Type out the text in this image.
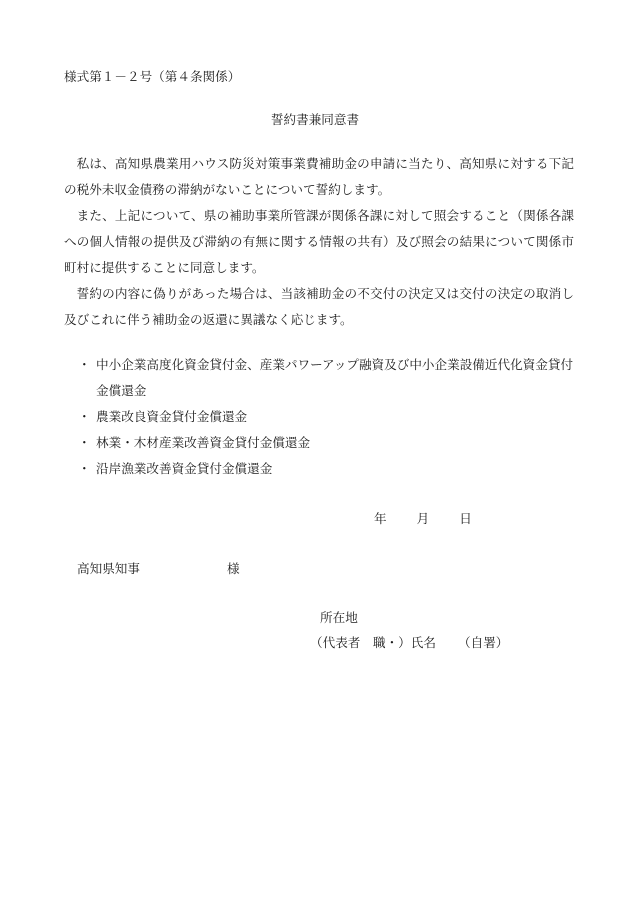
様式第１－２号（第４条関係）
誓約書兼同意書

私は、高知県農業用ハウス防災対策事業費補助金の申請に当たり、高知県に対する下記の税外未収金債務の滞納がないことについて誓約します。

また、上記について、県の補助事業所管課が関係各課に対して照会すること（関係各課への個人情報の提供及び滞納の有無に関する情報の共有）及び照会の結果について関係市町村に提供することに同意します。

誓約の内容に偽りがあった場合は、当該補助金の不交付の決定又は交付の決定の取消し及びこれに伴う補助金の返還に異議なく応じます。

・ 中小企業高度化資金貸付金、産業パワーアップ融資及び中小企業設備近代化資金貸付金償還金
・ 農業改良資金貸付金償還金
・ 林業・木材産業改善資金貸付金償還金
・ 沿岸漁業改善資金貸付金償還金
年 月 日
高知県知事	様
所在地
（代表者　職・）氏名 （自署）
